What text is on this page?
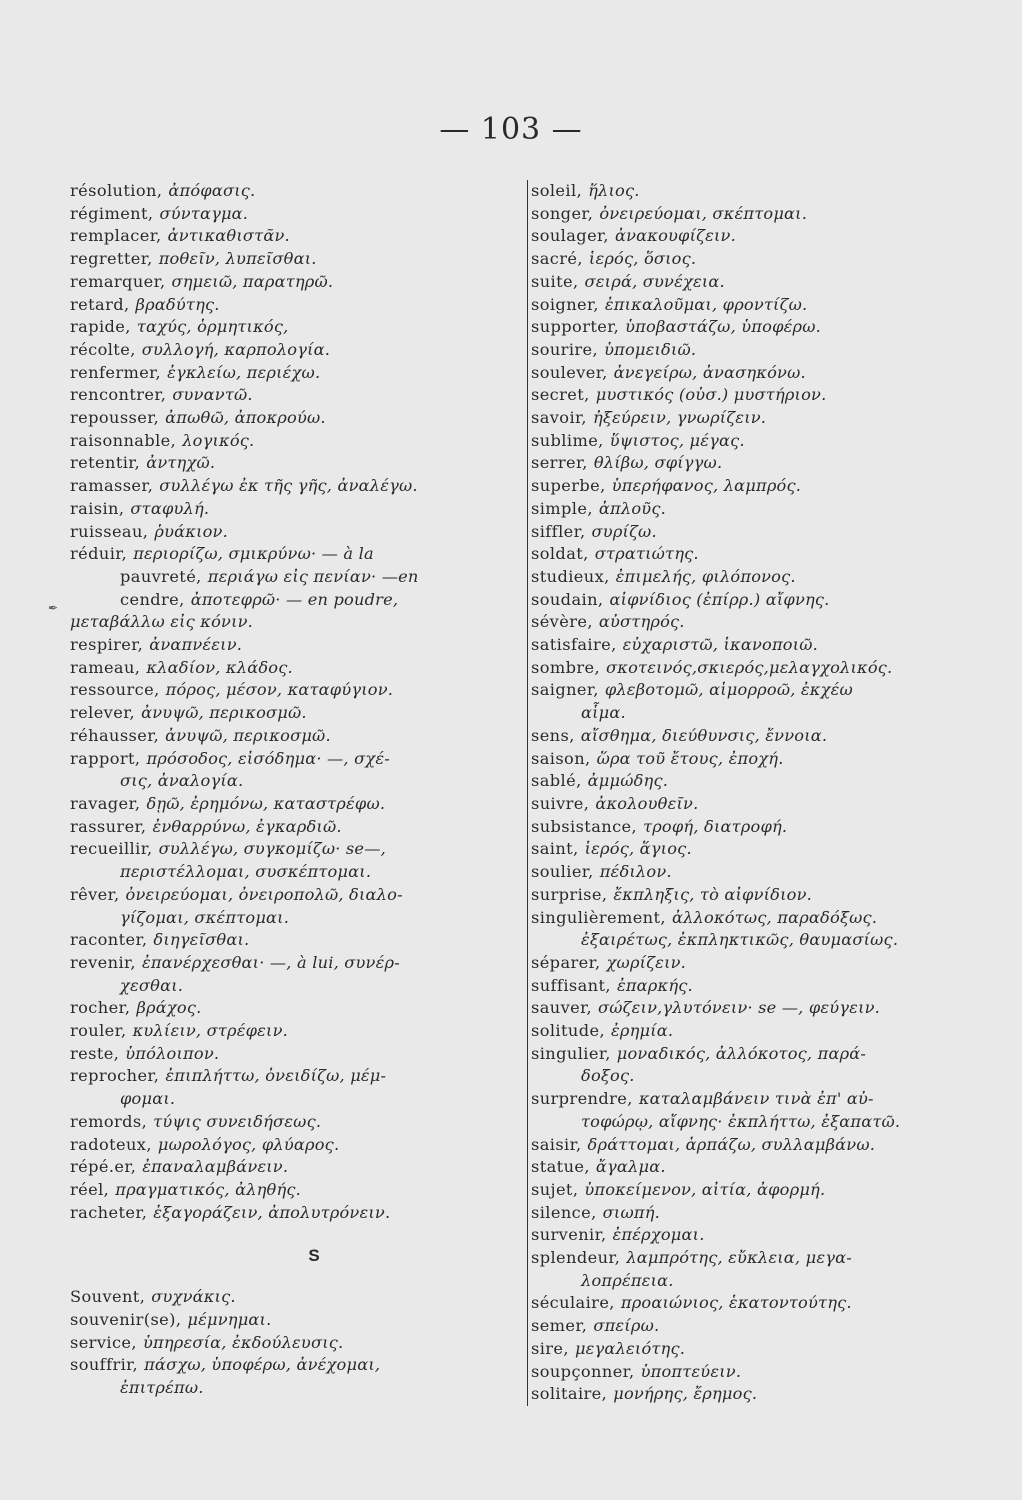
— 103 —
✒
résolution, ἀπόφασις.
régiment, σύνταγμα.
remplacer, ἀντικαθιστᾶν.
regretter, ποθεῖν, λυπεῖσθαι.
remarquer, σημειῶ, παρατηρῶ.
retard, βραδύτης.
rapide, ταχύς, ὁρμητικός,
récolte, συλλογή, καρπολογία.
renfermer, ἐγκλείω, περιέχω.
rencontrer, συναντῶ.
repousser, ἀπωθῶ, ἀποκρούω.
raisonnable, λογικός.
retentir, ἀντηχῶ.
ramasser, συλλέγω ἐκ τῆς γῆς, ἀναλέγω.
raisin, σταφυλή.
ruisseau, ῥυάκιον.
réduir, περιορίζω, σμικρύνω· — à la
pauvreté, περιάγω εἰς πενίαν· —en
cendre, ἀποτεφρῶ· — en poudre,
μεταβάλλω εἰς κόνιν.
respirer, ἀναπνέειν.
rameau, κλαδίον, κλάδος.
ressource, πόρος, μέσον, καταφύγιον.
relever, ἀνυψῶ, περικοσμῶ.
réhausser, ἀνυψῶ, περικοσμῶ.
rapport, πρόσοδος, εἰσόδημα· —, σχέ-
σις, ἀναλογία.
ravager, δῃῶ, ἐρημόνω, καταστρέφω.
rassurer, ἐνθαρρύνω, ἐγκαρδιῶ.
recueillir, συλλέγω, συγκομίζω· se—,
περιστέλλομαι, συσκέπτομαι.
rêver, ὀνειρεύομαι, ὀνειροπολῶ, διαλο-
γίζομαι, σκέπτομαι.
raconter, διηγεῖσθαι.
revenir, ἐπανέρχεσθαι· —, à lui, συνέρ-
χεσθαι.
rocher, βράχος.
rouler, κυλίειν, στρέφειν.
reste, ὑπόλοιπον.
reprocher, ἐπιπλήττω, ὀνειδίζω, μέμ-
φομαι.
remords, τύψις συνειδήσεως.
radoteux, μωρολόγος, φλύαρος.
répé.er, ἐπαναλαμβάνειν.
réel, πραγματικός, ἀληθής.
racheter, ἐξαγοράζειν, ἀπολυτρόνειν.
S
Souvent, συχνάκις.
souvenir(se), μέμνημαι.
service, ὑπηρεσία, ἐκδούλευσις.
souffrir, πάσχω, ὑποφέρω, ἀνέχομαι,
ἐπιτρέπω.
soleil, ἥλιος.
songer, ὀνειρεύομαι, σκέπτομαι.
soulager, ἀνακουφίζειν.
sacré, ἱερός, ὅσιος.
suite, σειρά, συνέχεια.
soigner, ἐπικαλοῦμαι, φροντίζω.
supporter, ὑποβαστάζω, ὑποφέρω.
sourire, ὑπομειδιῶ.
soulever, ἀνεγείρω, ἀνασηκόνω.
secret, μυστικός (οὐσ.) μυστήριον.
savoir, ἠξεύρειν, γνωρίζειν.
sublime, ὕψιστος, μέγας.
serrer, θλίβω, σφίγγω.
superbe, ὑπερήφανος, λαμπρός.
simple, ἁπλοῦς.
siffler, συρίζω.
soldat, στρατιώτης.
studieux, ἐπιμελής, φιλόπονος.
soudain, αἰφνίδιος (ἐπίρρ.) αἴφνης.
sévère, αὐστηρός.
satisfaire, εὐχαριστῶ, ἱκανοποιῶ.
sombre, σκοτεινός,σκιερός,μελαγχολικός.
saigner, φλεβοτομῶ, αἱμορροῶ, ἐκχέω
αἷμα.
sens, αἴσθημα, διεύθυνσις, ἔννοια.
saison, ὥρα τοῦ ἔτους, ἐποχή.
sablé, ἀμμώδης.
suivre, ἀκολουθεῖν.
subsistance, τροφή, διατροφή.
saint, ἱερός, ἅγιος.
soulier, πέδιλον.
surprise, ἔκπληξις, τὸ αἰφνίδιον.
singulièrement, ἀλλοκότως, παραδόξως.
ἐξαιρέτως, ἐκπληκτικῶς, θαυμασίως.
séparer, χωρίζειν.
suffisant, ἐπαρκής.
sauver, σώζειν,γλυτόνειν· se —, φεύγειν.
solitude, ἐρημία.
singulier, μοναδικός, ἀλλόκοτος, παρά-
δοξος.
surprendre, καταλαμβάνειν τινὰ ἐπ' αὐ-
τοφώρῳ, αἴφνης· ἐκπλήττω, ἐξαπατῶ.
saisir, δράττομαι, ἁρπάζω, συλλαμβάνω.
statue, ἄγαλμα.
sujet, ὑποκείμενον, αἰτία, ἀφορμή.
silence, σιωπή.
survenir, ἐπέρχομαι.
splendeur, λαμπρότης, εὔκλεια, μεγα-
λοπρέπεια.
séculaire, προαιώνιος, ἑκατοντούτης.
semer, σπείρω.
sire, μεγαλειότης.
soupçonner, ὑποπτεύειν.
solitaire, μονήρης, ἔρημος.
